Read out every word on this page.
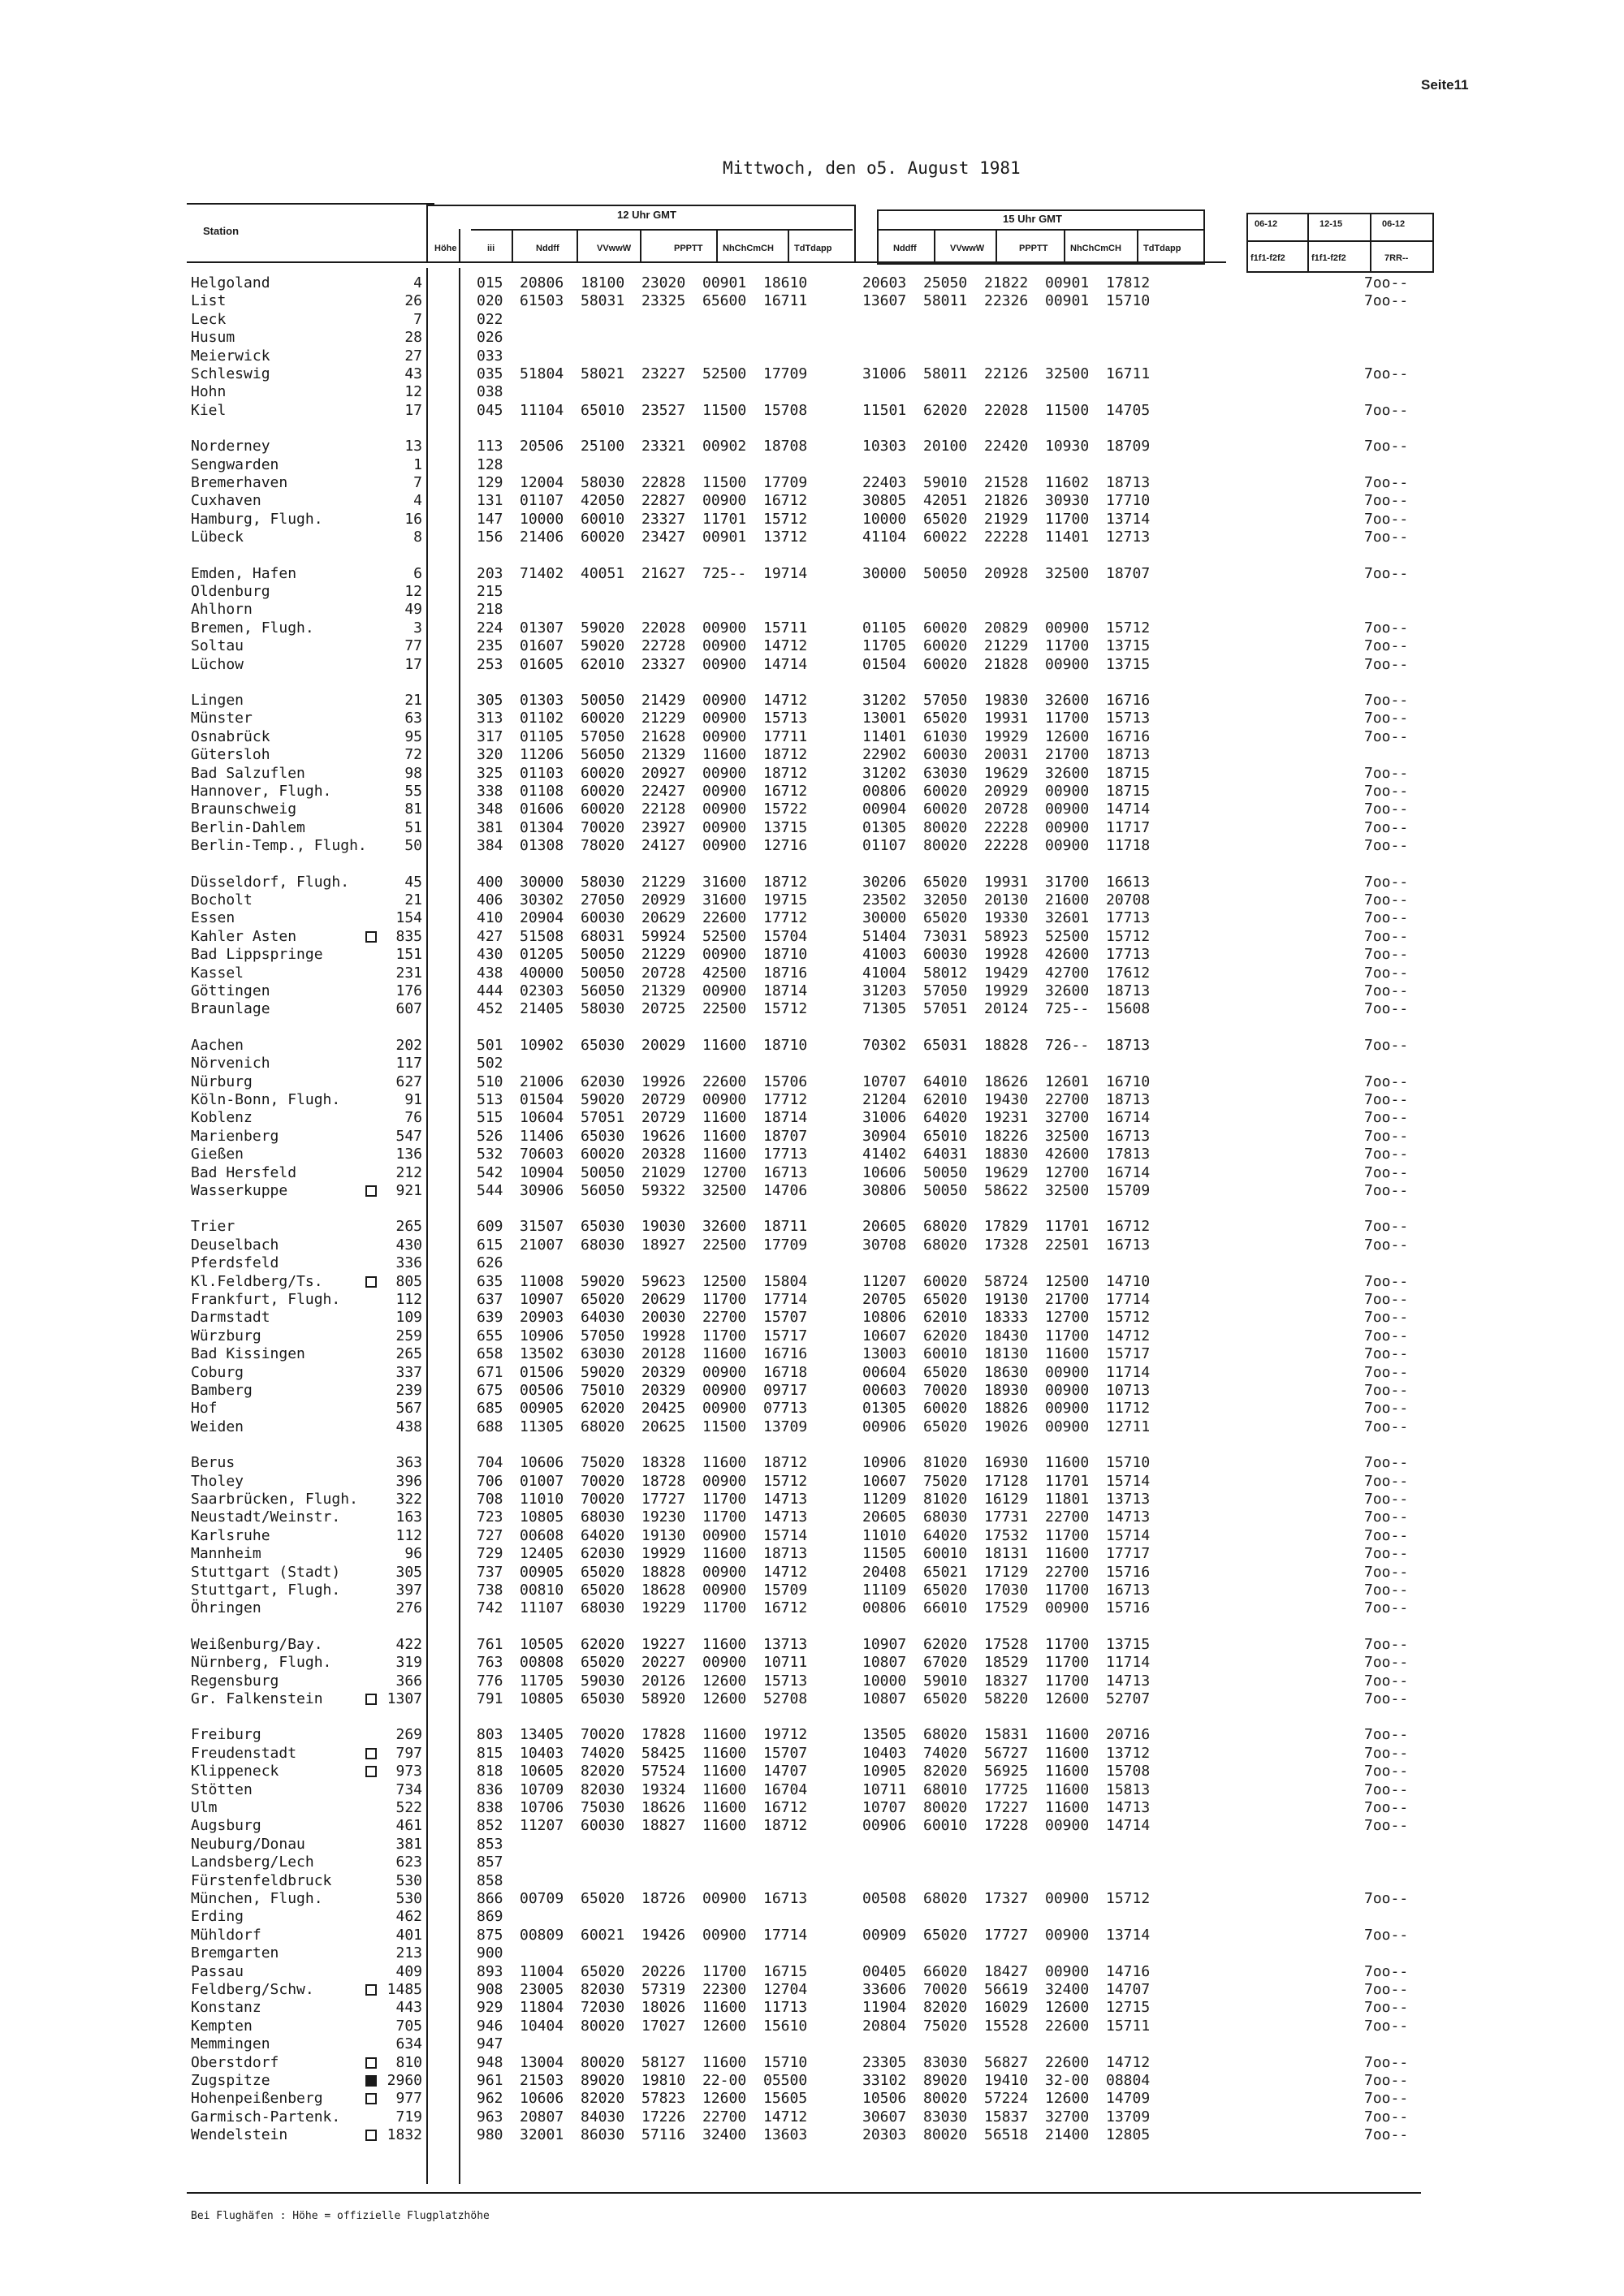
Seite11
Mittwoch, den o5. August 1981
Station
12 Uhr GMT
Höhe	iii	Nddff	VVwwW	PPPTT NhChCmCH TdTdapp
15 Uhr GMT
Nddff	VVwwW	PPPTT	NhChCmCH TdTdapp
06-12
f1f1-f2f2
12-15
f1f1-f2f2
06-12
7RR--
Helgoland	4	015 20806 18100 23020 00901 18610	20603 25050 21822 00901 17812	7oo--
List	26	020 61503 58031 23325 65600 16711	13607 58011 22326 00901 15710	7oo--
Leck	7	022
Husum	28	026
Meierwick	27	033
Schleswig	43	035 51804 58021 23227 52500 17709	31006 58011 22126 32500 16711	7oo--
Hohn	12	038
Kiel	17	045 11104 65010 23527 11500 15708	11501 62020 22028 11500 14705	7oo--
Norderney	13	113 20506 25100 23321 00902 18708	10303 20100 22420 10930 18709	7oo--
Sengwarden	1	128
Bremerhaven	7	129 12004 58030 22828 11500 17709	22403 59010 21528 11602 18713	7oo--
Cuxhaven	4	131 01107 42050 22827 00900 16712	30805 42051 21826 30930 17710	7oo--
Hamburg, Flugh.	16	147 10000 60010 23327 11701 15712	10000 65020 21929 11700 13714	7oo--
Lübeck	8	156 21406 60020 23427 00901 13712	41104 60022 22228 11401 12713	7oo--
Emden, Hafen	6	203 71402 40051 21627 725-- 19714	30000 50050 20928 32500 18707	7oo--
Oldenburg	12	215
Ahlhorn	49	218
Bremen, Flugh.	3	224 01307 59020 22028 00900 15711	01105 60020 20829 00900 15712	7oo--
Soltau	77	235 01607 59020 22728 00900 14712	11705 60020 21229 11700 13715	7oo--
Lüchow	17	253 01605 62010 23327 00900 14714	01504 60020 21828 00900 13715	7oo--
Lingen	21	305 01303 50050 21429 00900 14712	31202 57050 19830 32600 16716	7oo--
Münster	63	313 01102 60020 21229 00900 15713	13001 65020 19931 11700 15713	7oo--
Osnabrück	95	317 01105 57050 21628 00900 17711	11401 61030 19929 12600 16716	7oo--
Gütersloh	72	320 11206 56050 21329 11600 18712	22902 60030 20031 21700 18713
Bad Salzuflen	98	325 01103 60020 20927 00900 18712	31202 63030 19629 32600 18715	7oo--
Hannover, Flugh.	55	338 01108 60020 22427 00900 16712	00806 60020 20929 00900 18715	7oo--
Braunschweig	81	348 01606 60020 22128 00900 15722	00904 60020 20728 00900 14714	7oo--
Berlin-Dahlem	51	381 01304 70020 23927 00900 13715	01305 80020 22228 00900 11717	7oo--
Berlin-Temp., Flugh.	50	384 01308 78020 24127 00900 12716	01107 80020 22228 00900 11718	7oo--
Düsseldorf, Flugh.	45	400 30000 58030 21229 31600 18712	30206 65020 19931 31700 16613	7oo--
Bocholt	21	406 30302 27050 20929 31600 19715	23502 32050 20130 21600 20708	7oo--
Essen	154	410 20904 60030 20629 22600 17712	30000 65020 19330 32601 17713	7oo--
Kahler Asten	835	427 51508 68031 59924 52500 15704	51404 73031 58923 52500 15712	7oo--
Bad Lippspringe	151	430 01205 50050 21229 00900 18710	41003 60030 19928 42600 17713	7oo--
Kassel	231	438 40000 50050 20728 42500 18716	41004 58012 19429 42700 17612	7oo--
Göttingen	176	444 02303 56050 21329 00900 18714	31203 57050 19929 32600 18713	7oo--
Braunlage	607	452 21405 58030 20725 22500 15712	71305 57051 20124 725-- 15608	7oo--
Aachen	202	501 10902 65030 20029 11600 18710	70302 65031 18828 726-- 18713	7oo--
Nörvenich	117	502
Nürburg	627	510 21006 62030 19926 22600 15706	10707 64010 18626 12601 16710	7oo--
Köln-Bonn, Flugh.	91	513 01504 59020 20729 00900 17712	21204 62010 19430 22700 18713	7oo--
Koblenz	76	515 10604 57051 20729 11600 18714	31006 64020 19231 32700 16714	7oo--
Marienberg	547	526 11406 65030 19626 11600 18707	30904 65010 18226 32500 16713	7oo--
Gießen	136	532 70603 60020 20328 11600 17713	41402 64031 18830 42600 17813	7oo--
Bad Hersfeld	212	542 10904 50050 21029 12700 16713	10606 50050 19629 12700 16714	7oo--
Wasserkuppe	921	544 30906 56050 59322 32500 14706	30806 50050 58622 32500 15709	7oo--
Trier	265	609 31507 65030 19030 32600 18711	20605 68020 17829 11701 16712	7oo--
Deuselbach	430	615 21007 68030 18927 22500 17709	30708 68020 17328 22501 16713	7oo--
Pferdsfeld	336	626
Kl.Feldberg/Ts.	805	635 11008 59020 59623 12500 15804	11207 60020 58724 12500 14710	7oo--
Frankfurt, Flugh.	112	637 10907 65020 20629 11700 17714	20705 65020 19130 21700 17714	7oo--
Darmstadt	109	639 20903 64030 20030 22700 15707	10806 62010 18333 12700 15712	7oo--
Würzburg	259	655 10906 57050 19928 11700 15717	10607 62020 18430 11700 14712	7oo--
Bad Kissingen	265	658 13502 63030 20128 11600 16716	13003 60010 18130 11600 15717	7oo--
Coburg	337	671 01506 59020 20329 00900 16718	00604 65020 18630 00900 11714	7oo--
Bamberg	239	675 00506 75010 20329 00900 09717	00603 70020 18930 00900 10713	7oo--
Hof	567	685 00905 62020 20425 00900 07713	01305 60020 18826 00900 11712	7oo--
Weiden	438	688 11305 68020 20625 11500 13709	00906 65020 19026 00900 12711	7oo--
Berus	363	704 10606 75020 18328 11600 18712	10906 81020 16930 11600 15710	7oo--
Tholey	396	706 01007 70020 18728 00900 15712	10607 75020 17128 11701 15714	7oo--
Saarbrücken, Flugh.	322	708 11010 70020 17727 11700 14713	11209 81020 16129 11801 13713	7oo--
Neustadt/Weinstr.	163	723 10805 68030 19230 11700 14713	20605 68030 17731 22700 14713	7oo--
Karlsruhe	112	727 00608 64020 19130 00900 15714	11010 64020 17532 11700 15714	7oo--
Mannheim	96	729 12405 62030 19929 11600 18713	11505 60010 18131 11600 17717	7oo--
Stuttgart (Stadt)	305	737 00905 65020 18828 00900 14712	20408 65021 17129 22700 15716	7oo--
Stuttgart, Flugh.	397	738 00810 65020 18628 00900 15709	11109 65020 17030 11700 16713	7oo--
Öhringen	276	742 11107 68030 19229 11700 16712	00806 66010 17529 00900 15716	7oo--
Weißenburg/Bay.	422	761 10505 62020 19227 11600 13713	10907 62020 17528 11700 13715	7oo--
Nürnberg, Flugh.	319	763 00808 65020 20227 00900 10711	10807 67020 18529 11700 11714	7oo--
Regensburg	366	776 11705 59030 20126 12600 15713	10000 59010 18327 11700 14713	7oo--
Gr. Falkenstein	1307	791 10805 65030 58920 12600 52708	10807 65020 58220 12600 52707	7oo--
Freiburg	269	803 13405 70020 17828 11600 19712	13505 68020 15831 11600 20716	7oo--
Freudenstadt	797	815 10403 74020 58425 11600 15707	10403 74020 56727 11600 13712	7oo--
Klippeneck	973	818 10605 82020 57524 11600 14707	10905 82020 56925 11600 15708	7oo--
Stötten	734	836 10709 82030 19324 11600 16704	10711 68010 17725 11600 15813	7oo--
Ulm	522	838 10706 75030 18626 11600 16712	10707 80020 17227 11600 14713	7oo--
Augsburg	461	852 11207 60030 18827 11600 18712	00906 60010 17228 00900 14714	7oo--
Neuburg/Donau	381	853
Landsberg/Lech	623	857
Fürstenfeldbruck	530	858
München, Flugh.	530	866 00709 65020 18726 00900 16713	00508 68020 17327 00900 15712	7oo--
Erding	462	869
Mühldorf	401	875 00809 60021 19426 00900 17714	00909 65020 17727 00900 13714	7oo--
Bremgarten	213	900
Passau	409	893 11004 65020 20226 11700 16715	00405 66020 18427 00900 14716	7oo--
Feldberg/Schw.	1485	908 23005 82030 57319 22300 12704	33606 70020 56619 32400 14707	7oo--
Konstanz	443	929 11804 72030 18026 11600 11713	11904 82020 16029 12600 12715	7oo--
Kempten	705	946 10404 80020 17027 12600 15610	20804 75020 15528 22600 15711	7oo--
Memmingen	634	947
Oberstdorf	810	948 13004 80020 58127 11600 15710	23305 83030 56827 22600 14712	7oo--
Zugspitze	2960	961 21503 89020 19810 22-00 05500	33102 89020 19410 32-00 08804	7oo--
Hohenpeißenberg	977	962 10606 82020 57823 12600 15605	10506 80020 57224 12600 14709	7oo--
Garmisch-Partenk.	719	963 20807 84030 17226 22700 14712	30607 83030 15837 32700 13709	7oo--
Wendelstein	1832	980 32001 86030 57116 32400 13603	20303 80020 56518 21400 12805	7oo--
Bei Flughäfen : Höhe = offizielle Flugplatzhöhe
